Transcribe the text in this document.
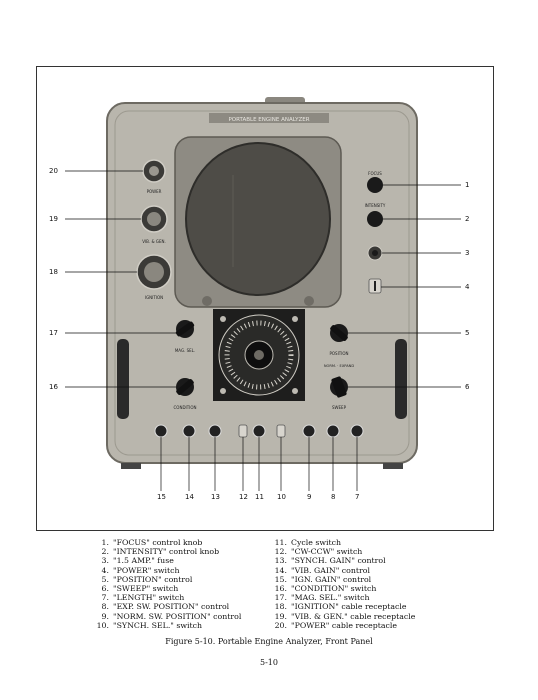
PORTABLE ENGINE ANALYZER
POWER
VIB. & GEN.
IGNITION
FOCUS
INTENSITY
MAG. SEL.
CONDITION
POSITION
NORM. · EXPAND
SWEEP
1
2
3
4
5
6
20
19
18
17
16
15	14 13	12 11 10	9	8	7
1. "FOCUS" control knob
2. "INTENSITY" control knob
3. "1.5 AMP." fuse
4. "POWER" switch
5. "POSITION" control
6. "SWEEP" switch
7. "LENGTH" switch
8. "EXP. SW. POSITION" control
9. "NORM. SW. POSITION" control
10. "SYNCH. SEL." switch
11. Cycle switch
12. "CW-CCW" switch
13. "SYNCH. GAIN" control
14. "VIB. GAIN" control
15. "IGN. GAIN" control
16. "CONDITION" switch
17. "MAG. SEL." switch
18. "IGNITION" cable receptacle
19. "VIB. & GEN." cable receptacle
20. "POWER" cable receptacle
Figure 5-10. Portable Engine Analyzer, Front Panel
5-10
